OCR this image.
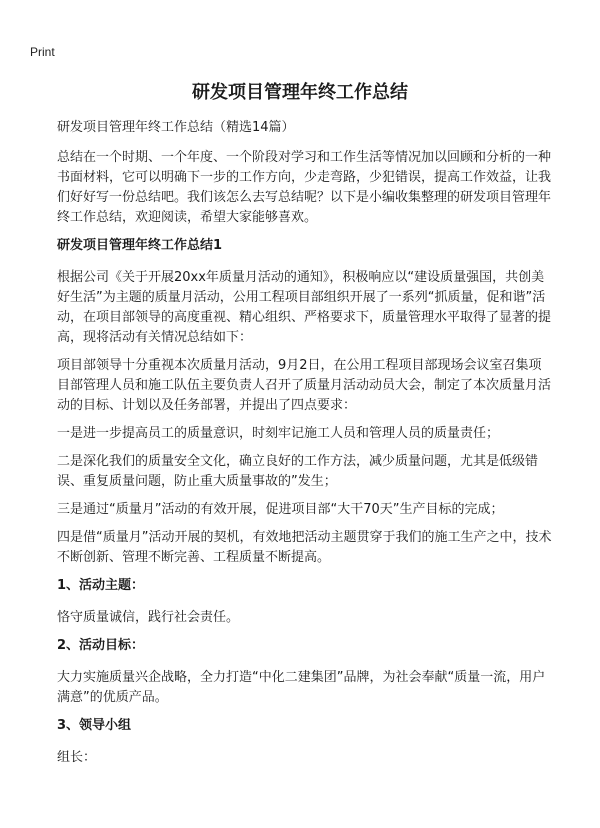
Print
研发项目管理年终工作总结

研发项目管理年终工作总结（精选14篇）

总结在一个时期、一个年度、一个阶段对学习和工作生活等情况加以回顾和分析的一种书面材料，它可以明确下一步的工作方向，少走弯路，少犯错误，提高工作效益，让我们好好写一份总结吧。我们该怎么去写总结呢？以下是小编收集整理的研发项目管理年终工作总结，欢迎阅读，希望大家能够喜欢。

研发项目管理年终工作总结1

根据公司《关于开展20xx年质量月活动的通知》，积极响应以“建设质量强国，共创美好生活”为主题的质量月活动，公用工程项目部组织开展了一系列“抓质量，促和谐”活动，在项目部领导的高度重视、精心组织、严格要求下，质量管理水平取得了显著的提高，现将活动有关情况总结如下：

项目部领导十分重视本次质量月活动，9月2日，在公用工程项目部现场会议室召集项目部管理人员和施工队伍主要负责人召开了质量月活动动员大会，制定了本次质量月活动的目标、计划以及任务部署，并提出了四点要求：

一是进一步提高员工的质量意识，时刻牢记施工人员和管理人员的质量责任；

二是深化我们的质量安全文化，确立良好的工作方法，减少质量问题，尤其是低级错误、重复质量问题，防止重大质量事故的”发生；

三是通过“质量月”活动的有效开展，促进项目部“大干70天”生产目标的完成；

四是借“质量月”活动开展的契机，有效地把活动主题贯穿于我们的施工生产之中，技术不断创新、管理不断完善、工程质量不断提高。

1、活动主题：

恪守质量诚信，践行社会责任。

2、活动目标：

大力实施质量兴企战略，全力打造“中化二建集团”品牌，为社会奉献“质量一流，用户满意”的优质产品。

3、领导小组

组长：
